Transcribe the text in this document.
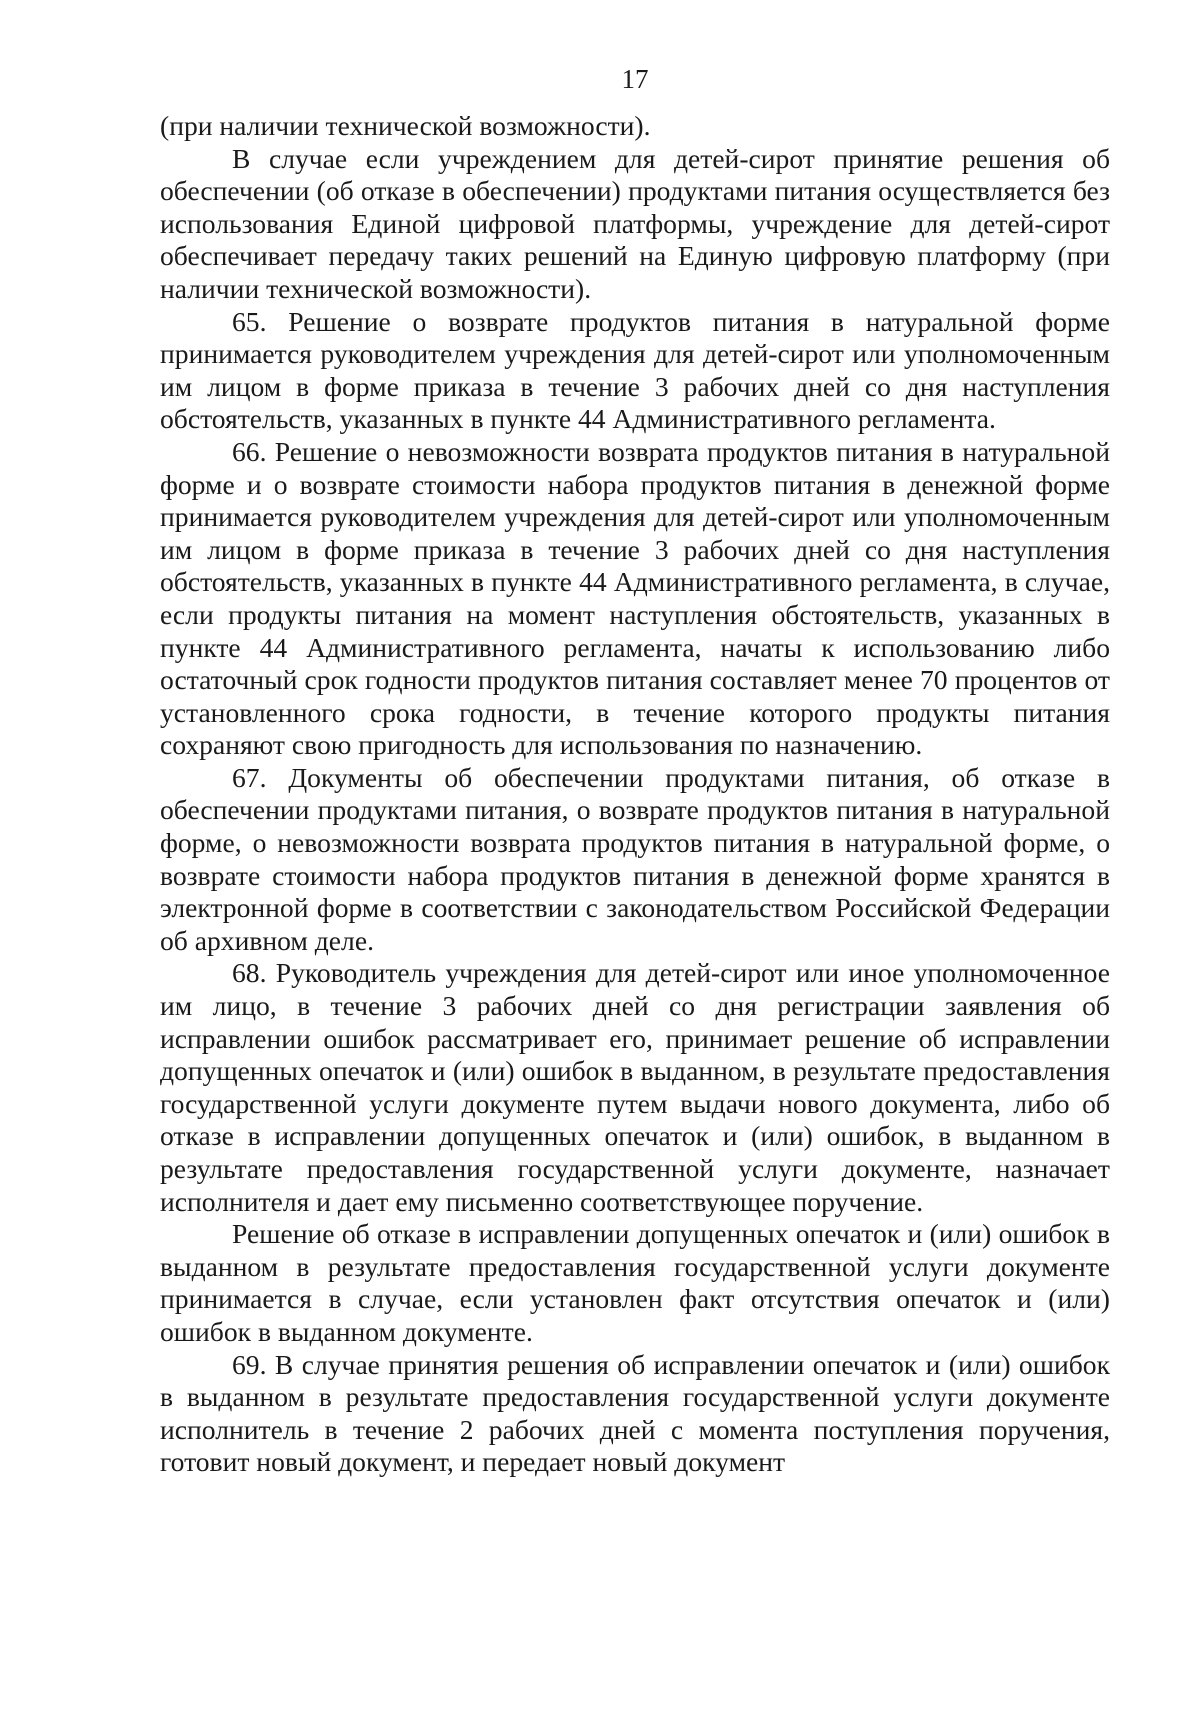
17

(при наличии технической возможности).

В случае если учреждением для детей-сирот принятие решения об обеспечении (об отказе в обеспечении) продуктами питания осуществляется без использования Единой цифровой платформы, учреждение для детей-сирот обеспечивает передачу таких решений на Единую цифровую платформу (при наличии технической возможности).

65. Решение о возврате продуктов питания в натуральной форме принимается руководителем учреждения для детей-сирот или уполномоченным им лицом в форме приказа в течение 3 рабочих дней со дня наступления обстоятельств, указанных в пункте 44 Административного регламента.

66. Решение о невозможности возврата продуктов питания в натуральной форме и о возврате стоимости набора продуктов питания в денежной форме принимается руководителем учреждения для детей-сирот или уполномоченным им лицом в форме приказа в течение 3 рабочих дней со дня наступления обстоятельств, указанных в пункте 44 Административного регламента, в случае, если продукты питания на момент наступления обстоятельств, указанных в пункте 44 Административного регламента, начаты к использованию либо остаточный срок годности продуктов питания составляет менее 70 процентов от установленного срока годности, в течение которого продукты питания сохраняют свою пригодность для использования по назначению.

67. Документы об обеспечении продуктами питания, об отказе в обеспечении продуктами питания, о возврате продуктов питания в натуральной форме, о невозможности возврата продуктов питания в натуральной форме, о возврате стоимости набора продуктов питания в денежной форме хранятся в электронной форме в соответствии с законодательством Российской Федерации об архивном деле.

68. Руководитель учреждения для детей-сирот или иное уполномоченное им лицо, в течение 3 рабочих дней со дня регистрации заявления об исправлении ошибок рассматривает его, принимает решение об исправлении допущенных опечаток и (или) ошибок в выданном, в результате предоставления государственной услуги документе путем выдачи нового документа, либо об отказе в исправлении допущенных опечаток и (или) ошибок, в выданном в результате предоставления государственной услуги документе, назначает исполнителя и дает ему письменно соответствующее поручение.

Решение об отказе в исправлении допущенных опечаток и (или) ошибок в выданном в результате предоставления государственной услуги документе принимается в случае, если установлен факт отсутствия опечаток и (или) ошибок в выданном документе.

69. В случае принятия решения об исправлении опечаток и (или) ошибок в выданном в результате предоставления государственной услуги документе исполнитель в течение 2 рабочих дней с момента поступления поручения, готовит новый документ, и передает новый документ
